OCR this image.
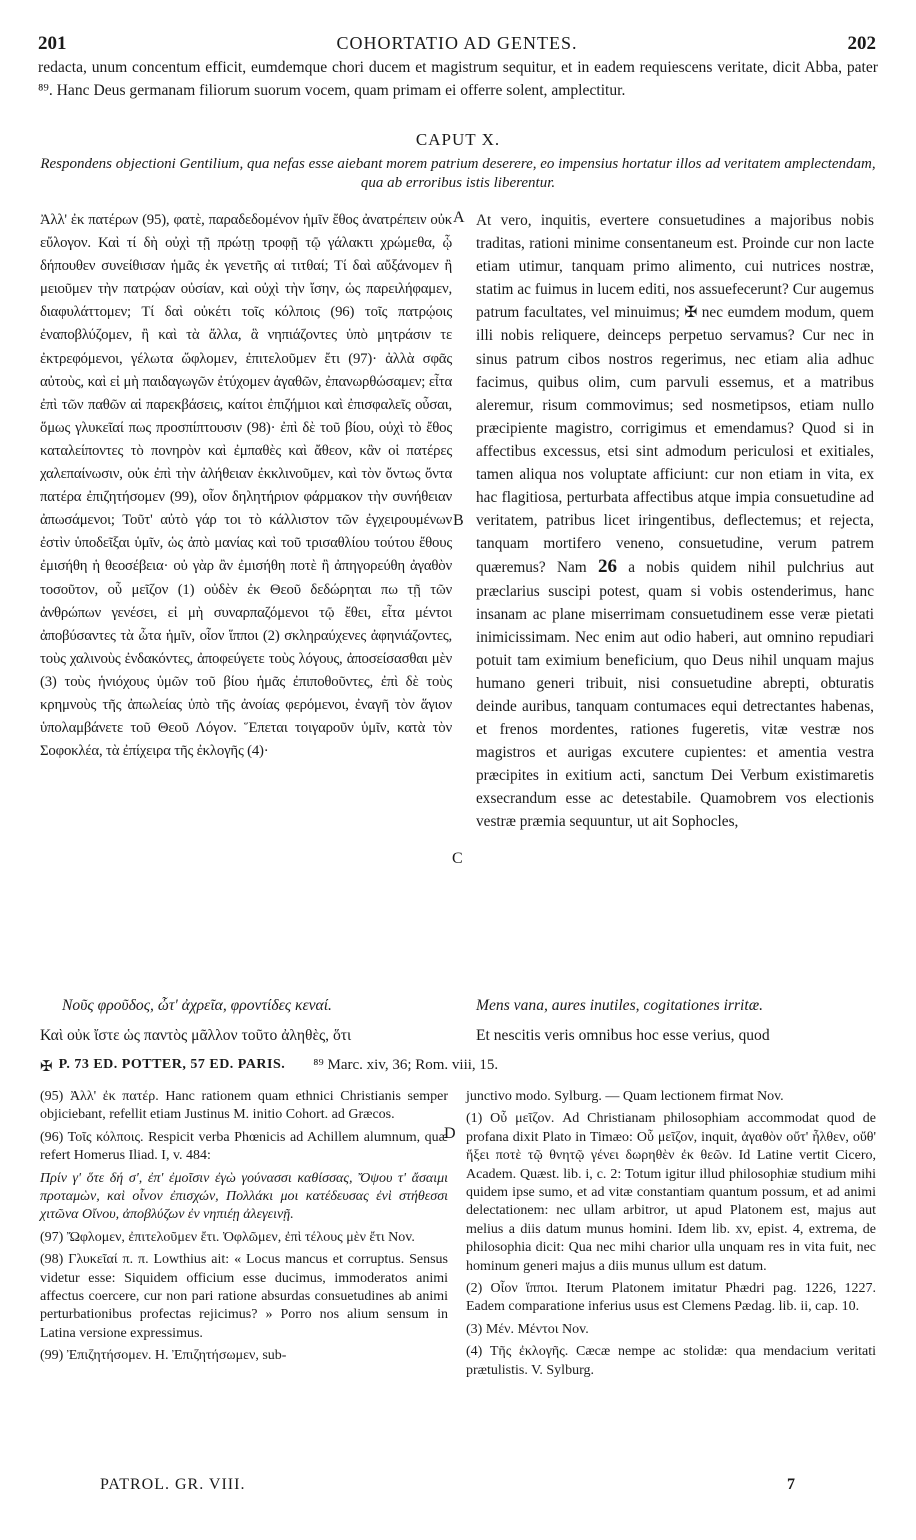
201	COHORTATIO AD GENTES.	202

redacta, unum concentum efficit, eumdemque chori ducem et magistrum sequitur, et in eadem requiescens veritate, dicit Abba, pater ⁸⁹. Hanc Deus germanam filiorum suorum vocem, quam primam ei offerre solent, amplectitur.

CAPUT X.
Respondens objectioni Gentilium, qua nefas esse aiebant morem patrium deserere, eo impensius hortatur illos ad veritatem amplectendam, qua ab erroribus istis liberentur.

Ἀλλ' ἐκ πατέρων (95), φατὲ, παραδεδομένον ἡμῖν ἔθος ἀνατρέπειν οὐκ εὔλογον. Καὶ τί δὴ οὐχὶ τῇ πρώτῃ τροφῇ τῷ γάλακτι χρώμεθα, ᾧ δήπουθεν συνείθισαν ἡμᾶς ἐκ γενετῆς αἱ τιτθαί; Τί δαὶ αὔξάνομεν ἢ μειοῦμεν τὴν πατρῴαν οὐσίαν, καὶ οὐχὶ τὴν ἴσην, ὡς παρειλήφαμεν, διαφυλάττομεν; Τί δαὶ οὐκέτι τοῖς κόλποις (96) τοῖς πατρῴοις ἐναποβλύζομεν, ἢ καὶ τὰ ἄλλα, ἃ νηπιάζοντες ὑπὸ μητράσιν τε ἐκτρεφόμενοι, γέλωτα ὤφλομεν, ἐπιτελοῦμεν ἔτι (97)· ἀλλὰ σφᾶς αὐτοὺς, καὶ εἰ μὴ παιδαγωγῶν ἐτύχομεν ἀγαθῶν, ἐπανωρθώσαμεν; εἶτα ἐπὶ τῶν παθῶν αἱ παρεκβάσεις, καίτοι ἐπιζήμιοι καὶ ἐπισφαλεῖς οὖσαι, ὅμως γλυκεῖαί πως προσπίπτουσιν (98)· ἐπὶ δὲ τοῦ βίου, οὐχὶ τὸ ἔθος καταλείποντες τὸ πονηρὸν καὶ ἐμπαθὲς καὶ ἄθεον, κἂν οἱ πατέρες χαλεπαίνωσιν, οὐκ ἐπὶ τὴν ἀλήθειαν ἐκκλινοῦμεν, καὶ τὸν ὄντως ὄντα πατέρα ἐπιζητήσομεν (99), οἷον δηλητήριον φάρμακον τὴν συνήθειαν ἀπωσάμενοι; Τοῦτ' αὐτὸ γάρ τοι τὸ κάλλιστον τῶν ἐγχειρουμένων ἐστὶν ὑποδεῖξαι ὑμῖν, ὡς ἀπὸ μανίας καὶ τοῦ τρισαθλίου τούτου ἔθους ἐμισήθη ἡ θεοσέβεια· οὐ γὰρ ἂν ἐμισήθη ποτὲ ἢ ἀπηγορεύθη ἀγαθὸν τοσοῦτον, οὗ μεῖζον (1) οὐδὲν ἐκ Θεοῦ δεδώρηται πω τῇ τῶν ἀνθρώπων γενέσει, εἰ μὴ συναρπαζόμενοι τῷ ἔθει, εἶτα μέντοι ἀποβύσαντες τὰ ὦτα ἡμῖν, οἷον ἵπποι (2) σκληραύχενες ἀφηνιάζοντες, τοὺς χαλινοὺς ἐνδακόντες, ἀποφεύγετε τοὺς λόγους, ἀποσείσασθαι μὲν (3) τοὺς ἡνιόχους ὑμῶν τοῦ βίου ἡμᾶς ἐπιποθοῦντες, ἐπὶ δὲ τοὺς κρημνοὺς τῆς ἀπωλείας ὑπὸ τῆς ἀνοίας φερόμενοι, ἐναγῆ τὸν ἅγιον ὑπολαμβάνετε τοῦ Θεοῦ Λόγον. Ἕπεται τοιγαροῦν ὑμῖν, κατὰ τὸν Σοφοκλέα, τὰ ἐπίχειρα τῆς ἐκλογῆς (4)·

A
B
C
D

At vero, inquitis, evertere consuetudines a majoribus nobis traditas, rationi minime consentaneum est. Proinde cur non lacte etiam utimur, tanquam primo alimento, cui nutrices nostræ, statim ac fuimus in lucem editi, nos assuefecerunt? Cur augemus patrum facultates, vel minuimus; ✠ nec eumdem modum, quem illi nobis reliquere, deinceps perpetuo servamus? Cur nec in sinus patrum cibos nostros regerimus, nec etiam alia adhuc facimus, quibus olim, cum parvuli essemus, et a matribus aleremur, risum commovimus; sed nosmetipsos, etiam nullo præcipiente magistro, corrigimus et emendamus? Quod si in affectibus excessus, etsi sint admodum periculosi et exitiales, tamen aliqua nos voluptate afficiunt: cur non etiam in vita, ex hac flagitiosa, perturbata affectibus atque impia consuetudine ad veritatem, patribus licet iringentibus, deflectemus; et rejecta, tanquam mortifero veneno, consuetudine, verum patrem quæremus? Nam 26 a nobis quidem nihil pulchrius aut præclarius suscipi potest, quam si vobis ostenderimus, hanc insanam ac plane miserrimam consuetudinem esse veræ pietati inimicissimam. Nec enim aut odio haberi, aut omnino repudiari potuit tam eximium beneficium, quo Deus nihil unquam majus humano generi tribuit, nisi consuetudine abrepti, obturatis deinde auribus, tanquam contumaces equi detrectantes habenas, et frenos mordentes, rationes fugeretis, vitæ vestræ nos magistros et aurigas excutere cupientes: et amentia vestra præcipites in exitium acti, sanctum Dei Verbum existimaretis exsecrandum esse ac detestabile. Quamobrem vos electionis vestræ præmia sequuntur, ut ait Sophocles,

Νοῦς φροῦδος, ὦτ' ἀχρεῖα, φροντίδες κεναί.	Mens vana, aures inutiles, cogitationes irritæ.
Καὶ οὐκ ἴστε ὡς παντὸς μᾶλλον τοῦτο ἀληθὲς, ὅτι	Et nescitis veris omnibus hoc esse verius, quod
✠ P. 73 ED. POTTER, 57 ED. PARIS. ⁸⁹ Marc. xiv, 36; Rom. viii, 15.

(95) Ἀλλ' ἐκ πατέρ. Hanc rationem quam ethnici Christianis semper objiciebant, refellit etiam Justinus M. initio Cohort. ad Græcos.

(96) Τοῖς κόλποις. Respicit verba Phœnicis ad Achillem alumnum, quæ refert Homerus Iliad. I, v. 484:

Πρίν γ' ὅτε δή σ', ἐπ' ἐμοῖσιν ἐγὼ γούνασσι καθίσσας, Ὄψου τ' ἄσαιμι προταμὼν, καὶ οἶνον ἐπισχών, Πολλάκι μοι κατέδευσας ἐνὶ στήθεσσι χιτῶνα Οἴνου, ἀποβλύζων ἐν νηπιέῃ ἀλεγεινῇ.

(97) Ὤφλομεν, ἐπιτελοῦμεν ἔτι. Ὀφλῶμεν, ἐπὶ τέλους μὲν ἔτι Nov.

(98) Γλυκεῖαί π. π. Lowthius ait: « Locus mancus et corruptus. Sensus videtur esse: Siquidem officium esse ducimus, immoderatos animi affectus coercere, cur non pari ratione absurdas consuetudines ab animi perturbationibus profectas rejicimus? » Porro nos alium sensum in Latina versione expressimus.

(99) Ἐπιζητήσομεν. H. Ἐπιζητήσωμεν, sub-

junctivo modo. Sylburg. — Quam lectionem firmat Nov.

(1) Οὗ μεῖζον. Ad Christianam philosophiam accommodat quod de profana dixit Plato in Timæo: Οὗ μεῖζον, inquit, ἀγαθὸν οὔτ' ἦλθεν, οὔθ' ἥξει ποτὲ τῷ θνητῷ γένει δωρηθὲν ἐκ θεῶν. Id Latine vertit Cicero, Academ. Quæst. lib. i, c. 2: Totum igitur illud philosophiæ studium mihi quidem ipse sumo, et ad vitæ constantiam quantum possum, et ad animi delectationem: nec ullam arbitror, ut apud Platonem est, majus aut melius a diis datum munus homini. Idem lib. xv, epist. 4, extrema, de philosophia dicit: Qua nec mihi charior ulla unquam res in vita fuit, nec hominum generi majus a diis munus ullum est datum.

(2) Οἷον ἵπποι. Iterum Platonem imitatur Phædri pag. 1226, 1227. Eadem comparatione inferius usus est Clemens Pædag. lib. ii, cap. 10.

(3) Μέν. Μέντοι Nov.

(4) Τῆς ἐκλογῆς. Cæcæ nempe ac stolidæ: qua mendacium veritati prætulistis. V. Sylburg.

PATROL. GR. VIII.	7
